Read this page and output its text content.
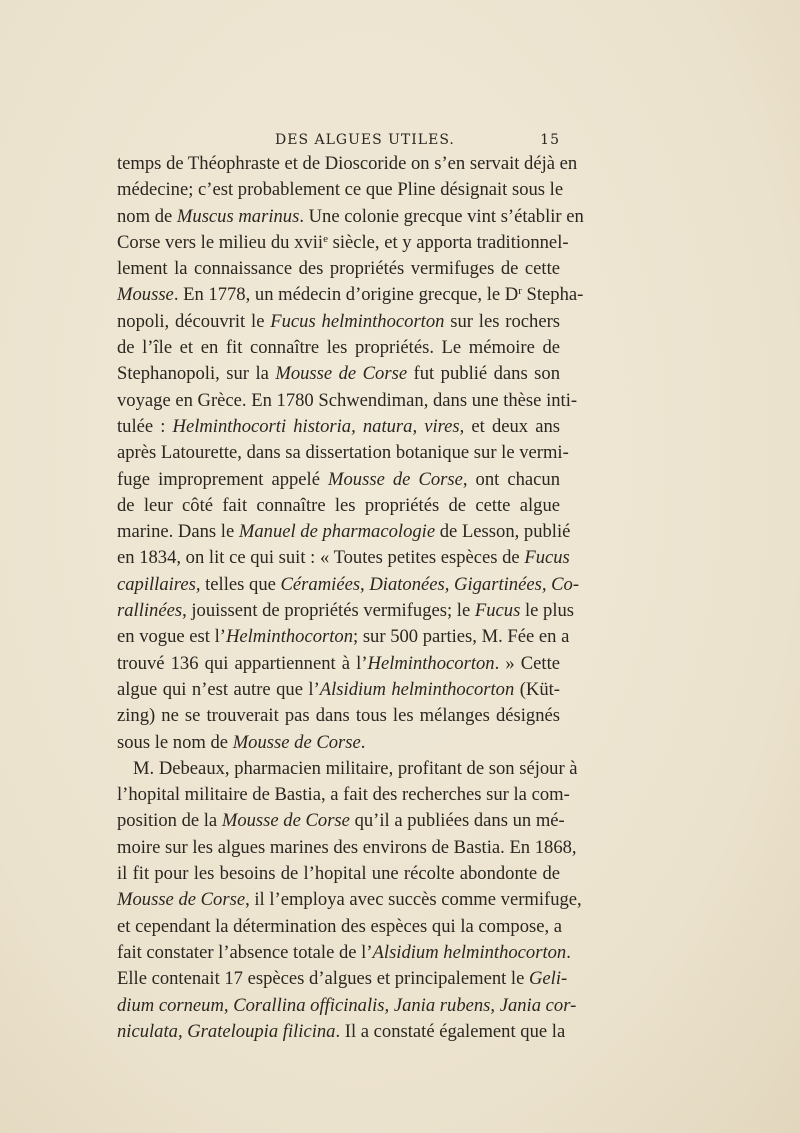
DES ALGUES UTILES.	15
temps de Théophraste et de Dioscoride on s’en servait déjà en
médecine; c’est probablement ce que Pline désignait sous le
nom de Muscus marinus. Une colonie grecque vint s’établir en
Corse vers le milieu du xvii$^e$ siècle, et y apporta traditionnel-
lement la connaissance des propriétés vermifuges de cette
Mousse. En 1778, un médecin d’origine grecque, le $D^r$ Stepha-
nopoli, découvrit le Fucus helminthocorton sur les rochers
de l’île et en fit connaître les propriétés. Le mémoire de
Stephanopoli, sur la Mousse de Corse fut publié dans son
voyage en Grèce. En 1780 Schwendiman, dans une thèse inti-
tulée : Helminthocorti historia, natura, vires, et deux ans
après Latourette, dans sa dissertation botanique sur le vermi-
fuge improprement appelé Mousse de Corse, ont chacun
de leur côté fait connaître les propriétés de cette algue
marine. Dans le Manuel de pharmacologie de Lesson, publié
en 1834, on lit ce qui suit : « Toutes petites espèces de Fucus
capillaires, telles que Céramiées, Diatonées, Gigartinées, Co-
rallinées, jouissent de propriétés vermifuges; le Fucus le plus
en vogue est l’Helminthocorton; sur 500 parties, M. Fée en a
trouvé 136 qui appartiennent à l’Helminthocorton. » Cette
algue qui n’est autre que l’Alsidium helminthocorton (Küt-
zing) ne se trouverait pas dans tous les mélanges désignés
sous le nom de Mousse de Corse.
M. Debeaux, pharmacien militaire, profitant de son séjour à
l’hopital militaire de Bastia, a fait des recherches sur la com-
position de la Mousse de Corse qu’il a publiées dans un mé-
moire sur les algues marines des environs de Bastia. En 1868,
il fit pour les besoins de l’hopital une récolte abondonte de
Mousse de Corse, il l’employa avec succès comme vermifuge,
et cependant la détermination des espèces qui la compose, a
fait constater l’absence totale de l’Alsidium helminthocorton.
Elle contenait 17 espèces d’algues et principalement le Geli-
dium corneum, Corallina officinalis, Jania rubens, Jania cor-
niculata, Grateloupia filicina. Il a constaté également que la
